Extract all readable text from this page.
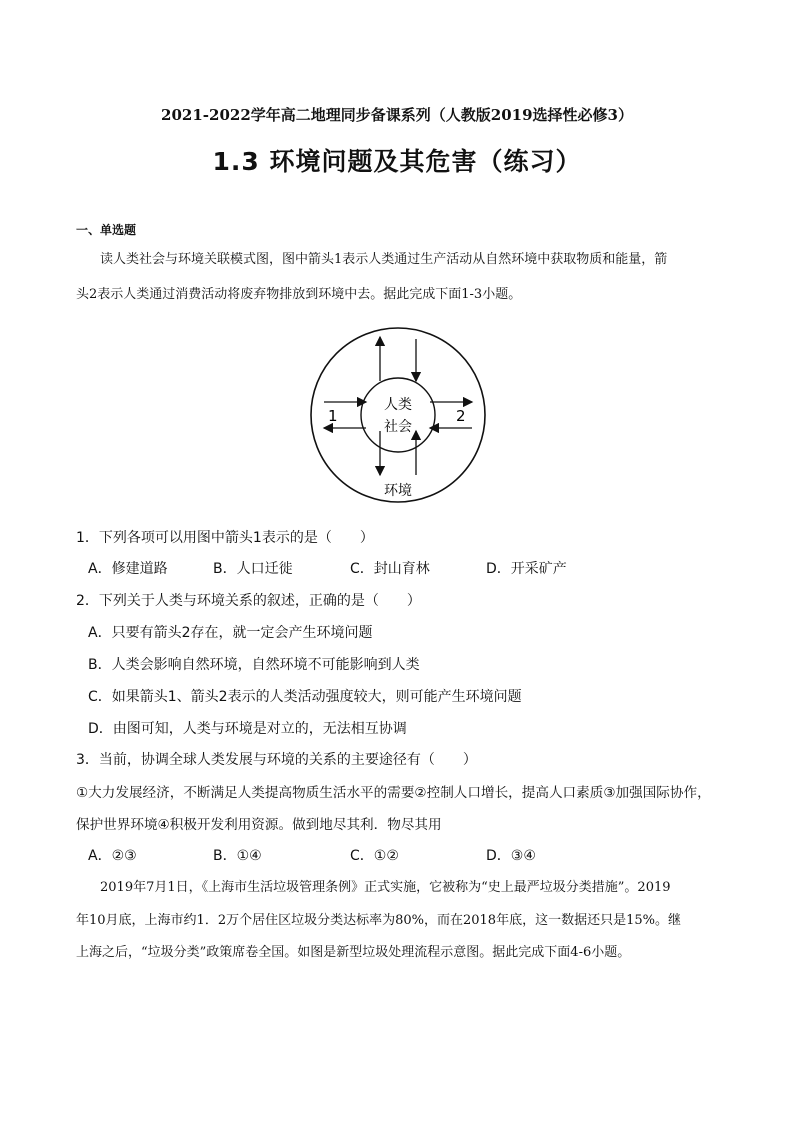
2021-2022学年高二地理同步备课系列（人教版2019选择性必修3）
1.3 环境问题及其危害（练习）
一、单选题
读人类社会与环境关联模式图，图中箭头1表示人类通过生产活动从自然环境中获取物质和能量，箭
头2表示人类通过消费活动将废弃物排放到环境中去。据此完成下面1-3小题。
1	2
人类
社会
环境
1．下列各项可以用图中箭头1表示的是（　　）
A．修建道路	B．人口迁徙	C．封山育林	D．开采矿产
2．下列关于人类与环境关系的叙述，正确的是（　　）
A．只要有箭头2存在，就一定会产生环境问题
B．人类会影响自然环境，自然环境不可能影响到人类
C．如果箭头1、箭头2表示的人类活动强度较大，则可能产生环境问题
D．由图可知，人类与环境是对立的，无法相互协调
3．当前，协调全球人类发展与环境的关系的主要途径有（　　）
①大力发展经济，不断满足人类提高物质生活水平的需要②控制人口增长，提高人口素质③加强国际协作，
保护世界环境④积极开发利用资源。做到地尽其利．物尽其用
A．②③	B．①④	C．①②	D．③④
2019年7月1日，《上海市生活垃圾管理条例》正式实施，它被称为“史上最严垃圾分类措施”。2019
年10月底，上海市约1．2万个居住区垃圾分类达标率为80%，而在2018年底，这一数据还只是15%。继
上海之后，“垃圾分类”政策席卷全国。如图是新型垃圾处理流程示意图。据此完成下面4-6小题。
